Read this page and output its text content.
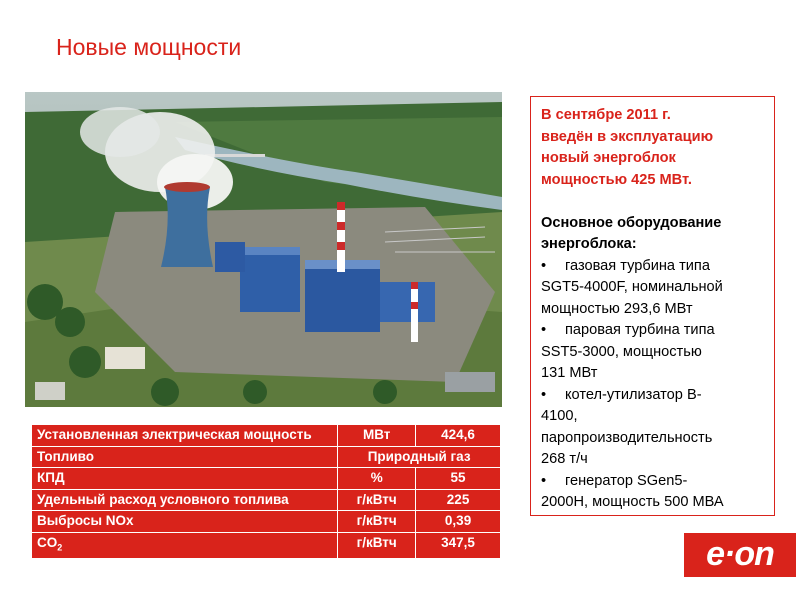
Новые мощности
В сентябре 2011 г.
введён в эксплуатацию
новый энергоблок
мощностью 425 МВт.
Основное оборудование
энергоблока:
•	газовая турбина типа
SGT5-4000F, номинальной
мощностью 293,6 МВт
•	паровая турбина типа
SST5-3000, мощностью
131 МВт
•	котел-утилизатор В-
4100,
паропроизводительность
268 т/ч
•	генератор SGen5-
2000Н, мощность 500 МВА
Установленная электрическая мощность	МВт	424,6
Топливо	Природный газ	
КПД	%	55
Удельный расход условного топлива	г/кВтч	225
Выбросы NOx	г/кВтч	0,39
$CO_2$	г/кВтч	347,5	e·on
